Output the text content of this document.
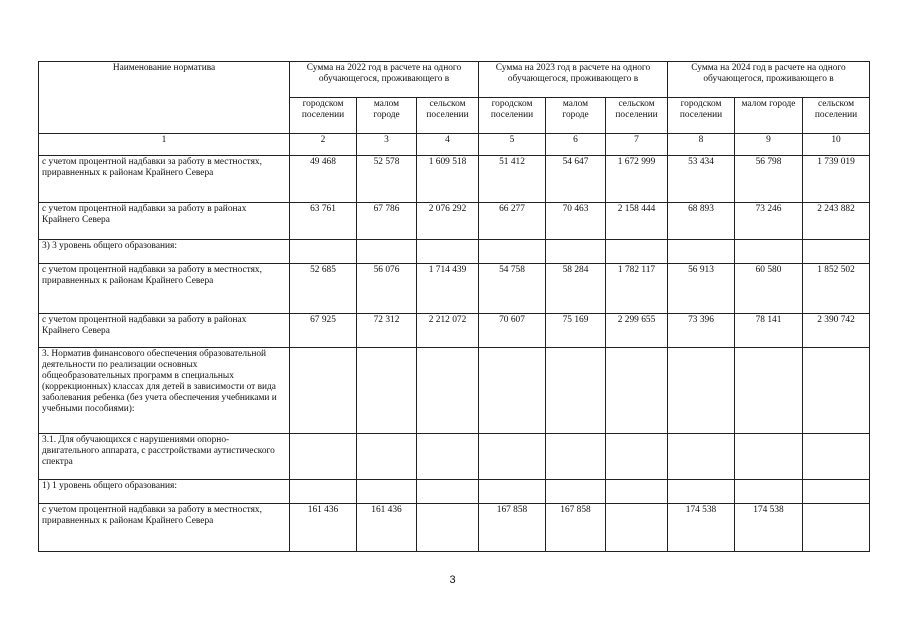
Наименование норматива	Сумма на 2022 год в расчете на одного обучающегося, проживающего в			Сумма на 2023 год в расчете на одного обучающегося, проживающего в			Сумма на 2024 год в расчете на одного обучающегося, проживающего в		
	городском поселении	малом городе	сельском поселении	городском поселении	малом городе	сельском поселении	городском поселении	малом городе	сельском поселении
1	2	3	4	5	6	7	8	9	10
с учетом процентной надбавки за работу в местностях, приравненных к районам Крайнего Севера	49 468	52 578	1 609 518	51 412	54 647	1 672 999	53 434	56 798	1 739 019
с учетом процентной надбавки за работу в районах Крайнего Севера	63 761	67 786	2 076 292	66 277	70 463	2 158 444	68 893	73 246	2 243 882
3) 3 уровень общего образования:									
с учетом процентной надбавки за работу в местностях, приравненных к районам Крайнего Севера	52 685	56 076	1 714 439	54 758	58 284	1 782 117	56 913	60 580	1 852 502
с учетом процентной надбавки за работу в районах Крайнего Севера	67 925	72 312	2 212 072	70 607	75 169	2 299 655	73 396	78 141	2 390 742
3. Норматив финансового обеспечения образовательной деятельности по реализации основных общеобразовательных программ в специальных (коррекционных) классах для детей в зависимости от вида заболевания ребенка (без учета обеспечения учебниками и учебными пособиями):									
3.1. Для обучающихся с нарушениями опорно-двигательного аппарата, с расстройствами аутистического спектра									
1) 1 уровень общего образования:									
с учетом процентной надбавки за работу в местностях, приравненных к районам Крайнего Севера	161 436	161 436		167 858	167 858		174 538	174 538	
3
